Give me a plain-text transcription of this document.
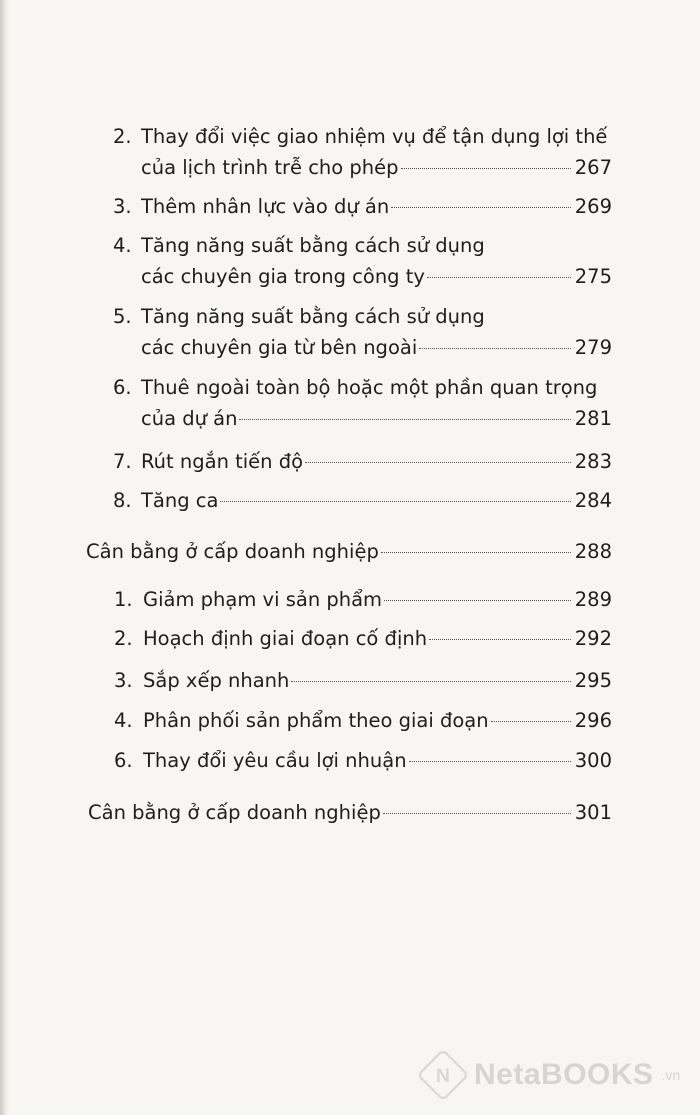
2. Thay đổi việc giao nhiệm vụ để tận dụng lợi thế
của lịch trình trễ cho phép	267
3. Thêm nhân lực vào dự án	269
4. Tăng năng suất bằng cách sử dụng
các chuyên gia trong công ty	275
5. Tăng năng suất bằng cách sử dụng
các chuyên gia từ bên ngoài	279
6. Thuê ngoài toàn bộ hoặc một phần quan trọng
của dự án	281
7. Rút ngắn tiến độ	283
8. Tăng ca	284
Cân bằng ở cấp doanh nghiệp	288
1. Giảm phạm vi sản phẩm	289
2. Hoạch định giai đoạn cố định	292
3. Sắp xếp nhanh	295
4. Phân phối sản phẩm theo giai đoạn	296
6. Thay đổi yêu cầu lợi nhuận	300
Cân bằng ở cấp doanh nghiệp	301
N NetaBOOKS .vn
